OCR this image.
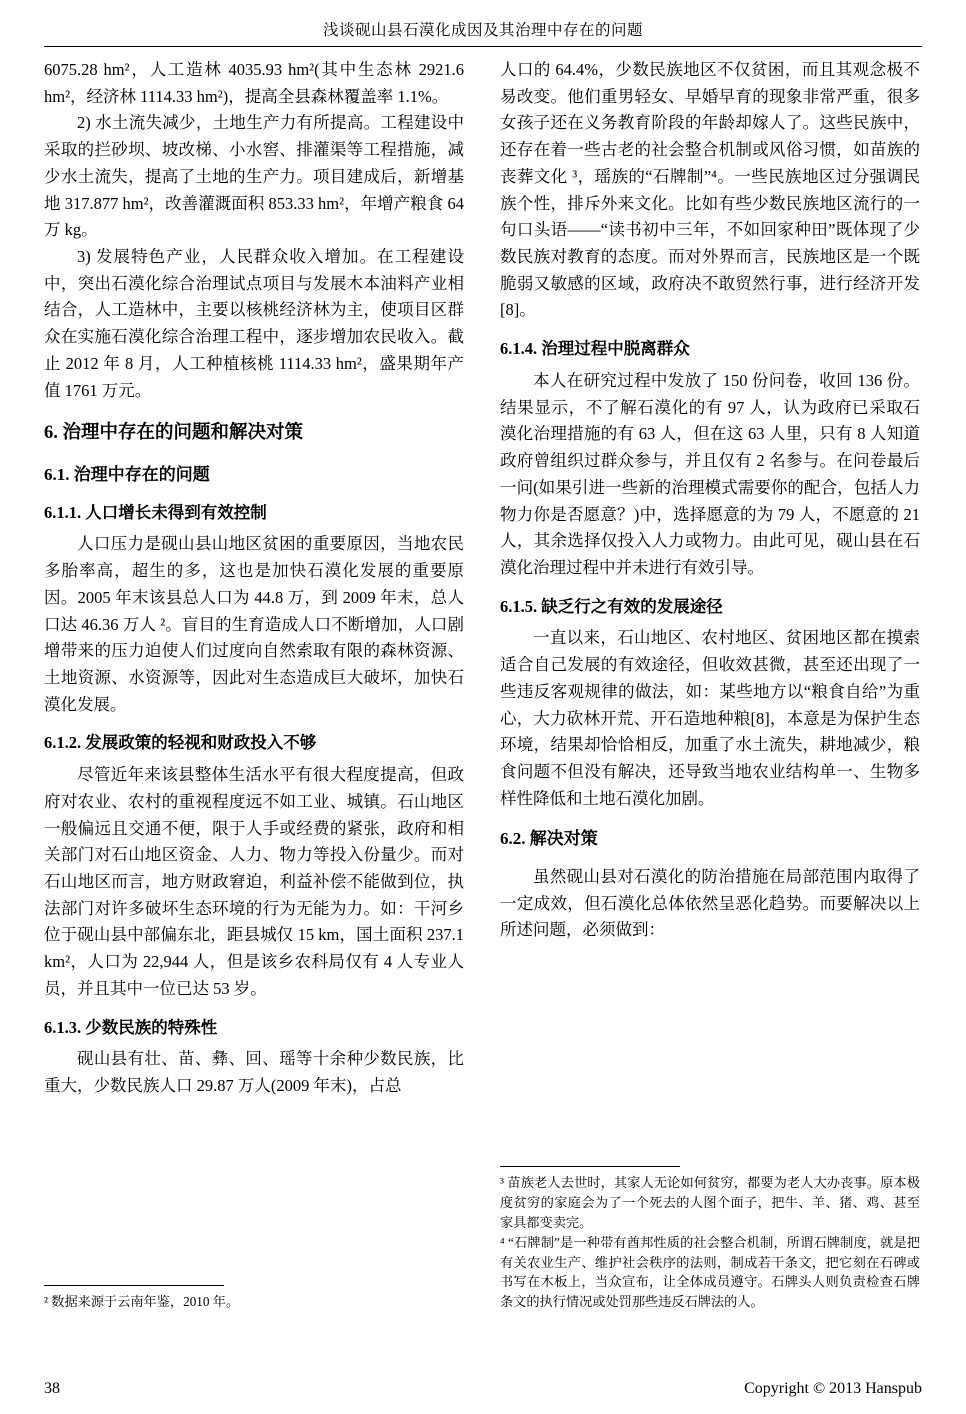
浅谈砚山县石漠化成因及其治理中存在的问题

6075.28 hm²，人工造林 4035.93 hm²(其中生态林 2921.6 hm²，经济林 1114.33 hm²)，提高全县森林覆盖率 1.1%。

2) 水土流失减少，土地生产力有所提高。工程建设中采取的拦砂坝、坡改梯、小水窖、排灌渠等工程措施，减少水土流失，提高了土地的生产力。项目建成后，新增基地 317.877 hm²，改善灌溉面积 853.33 hm²，年增产粮食 64 万 kg。

3) 发展特色产业，人民群众收入增加。在工程建设中，突出石漠化综合治理试点项目与发展木本油料产业相结合，人工造林中，主要以核桃经济林为主，使项目区群众在实施石漠化综合治理工程中，逐步增加农民收入。截止 2012 年 8 月，人工种植核桃 1114.33 hm²，盛果期年产值 1761 万元。

6. 治理中存在的问题和解决对策
6.1. 治理中存在的问题
6.1.1. 人口增长未得到有效控制

人口压力是砚山县山地区贫困的重要原因，当地农民多胎率高，超生的多，这也是加快石漠化发展的重要原因。2005 年末该县总人口为 44.8 万，到 2009 年末，总人口达 46.36 万人 ²。盲目的生育造成人口不断增加，人口剧增带来的压力迫使人们过度向自然索取有限的森林资源、土地资源、水资源等，因此对生态造成巨大破坏，加快石漠化发展。

6.1.2. 发展政策的轻视和财政投入不够

尽管近年来该县整体生活水平有很大程度提高，但政府对农业、农村的重视程度远不如工业、城镇。石山地区一般偏远且交通不便，限于人手或经费的紧张，政府和相关部门对石山地区资金、人力、物力等投入份量少。而对石山地区而言，地方财政窘迫，利益补偿不能做到位，执法部门对许多破坏生态环境的行为无能为力。如：干河乡位于砚山县中部偏东北，距县城仅 15 km，国土面积 237.1 km²，人口为 22,944 人，但是该乡农科局仅有 4 人专业人员，并且其中一位已达 53 岁。

6.1.3. 少数民族的特殊性

砚山县有壮、苗、彝、回、瑶等十余种少数民族，比重大，少数民族人口 29.87 万人(2009 年末)，占总

² 数据来源于云南年鉴，2010 年。

人口的 64.4%，少数民族地区不仅贫困，而且其观念极不易改变。他们重男轻女、早婚早育的现象非常严重，很多女孩子还在义务教育阶段的年龄却嫁人了。这些民族中，还存在着一些古老的社会整合机制或风俗习惯，如苗族的丧葬文化 ³，瑶族的“石牌制”⁴。一些民族地区过分强调民族个性，排斥外来文化。比如有些少数民族地区流行的一句口头语——“读书初中三年，不如回家种田”既体现了少数民族对教育的态度。而对外界而言，民族地区是一个既脆弱又敏感的区域，政府决不敢贸然行事，进行经济开发[8]。

6.1.4. 治理过程中脱离群众

本人在研究过程中发放了 150 份问卷，收回 136 份。结果显示，不了解石漠化的有 97 人，认为政府已采取石漠化治理措施的有 63 人，但在这 63 人里，只有 8 人知道政府曾组织过群众参与，并且仅有 2 名参与。在问卷最后一问(如果引进一些新的治理模式需要你的配合，包括人力物力你是否愿意？)中，选择愿意的为 79 人，不愿意的 21 人，其余选择仅投入人力或物力。由此可见，砚山县在石漠化治理过程中并未进行有效引导。

6.1.5. 缺乏行之有效的发展途径

一直以来，石山地区、农村地区、贫困地区都在摸索适合自己发展的有效途径，但收效甚微，甚至还出现了一些违反客观规律的做法，如：某些地方以“粮食自给”为重心，大力砍林开荒、开石造地种粮[8]，本意是为保护生态环境，结果却恰恰相反，加重了水土流失，耕地减少，粮食问题不但没有解决，还导致当地农业结构单一、生物多样性降低和土地石漠化加剧。

6.2. 解决对策

虽然砚山县对石漠化的防治措施在局部范围内取得了一定成效，但石漠化总体依然呈恶化趋势。而要解决以上所述问题，必须做到：

³ 苗族老人去世时，其家人无论如何贫穷，都要为老人大办丧事。原本极度贫穷的家庭会为了一个死去的人图个面子，把牛、羊、猪、鸡、甚至家具都变卖完。

⁴ “石牌制”是一种带有酋邦性质的社会整合机制，所谓石牌制度，就是把有关农业生产、维护社会秩序的法则，制成若干条文，把它刻在石碑或书写在木板上，当众宣布，让全体成员遵守。石牌头人则负责检查石牌条文的执行情况或处罚那些违反石牌法的人。

38	Copyright © 2013 Hanspub
